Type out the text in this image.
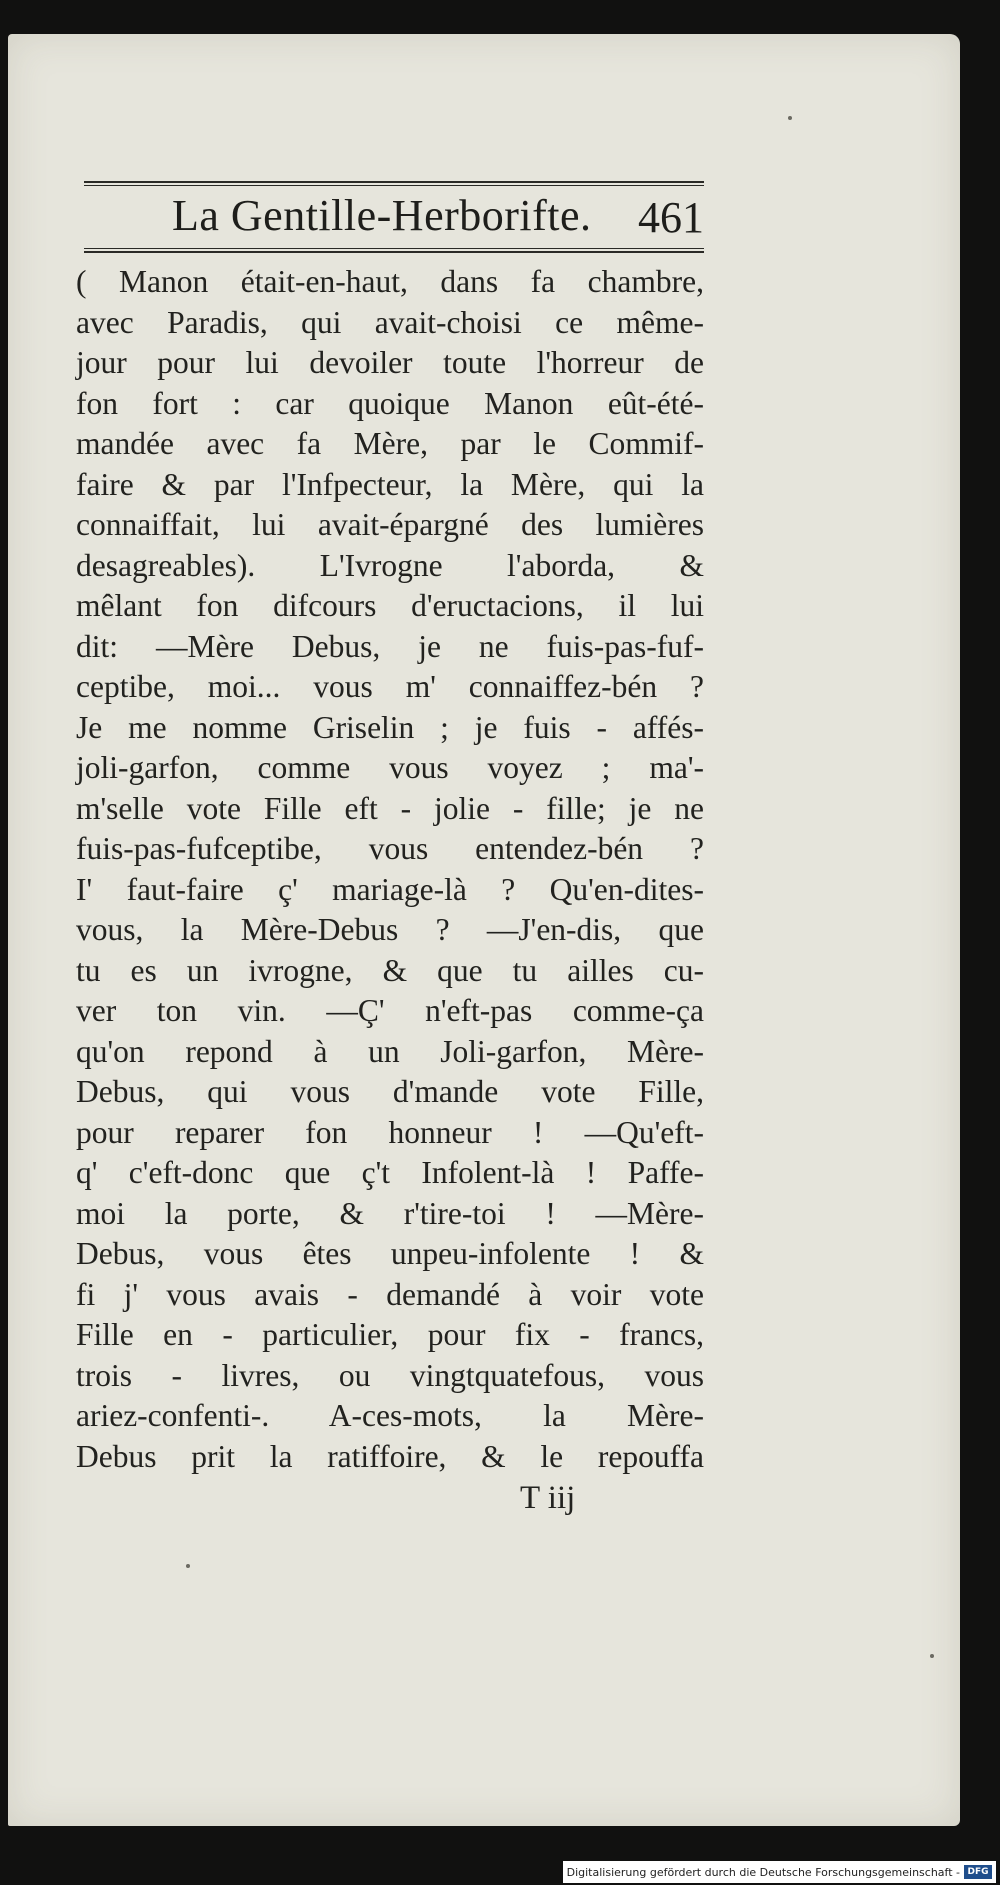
La Gentille-Herborifte. 461
( Manon était-en-haut, dans fa chambre,
avec Paradis, qui avait-choisi ce même-
jour pour lui devoiler toute l'horreur de
fon fort : car quoique Manon eût-été-
mandée avec fa Mère, par le Commif-
faire & par l'Infpecteur, la Mère, qui la
connaiffait, lui avait-épargné des lumières
desagreables). L'Ivrogne l'aborda, &
mêlant fon difcours d'eructacions, il lui
dit: —Mère Debus, je ne fuis-pas-fuf-
ceptibe, moi... vous m' connaiffez-bén ?
Je me nomme Griselin ; je fuis - affés-
joli-garfon, comme vous voyez ; ma'-
m'selle vote Fille eft - jolie - fille; je ne
fuis-pas-fufceptibe, vous entendez-bén ?
I' faut-faire ç' mariage-là ? Qu'en-dites-
vous, la Mère-Debus ? —J'en-dis, que
tu es un ivrogne, & que tu ailles cu-
ver ton vin. —Ç' n'eft-pas comme-ça
qu'on repond à un Joli-garfon, Mère-
Debus, qui vous d'mande vote Fille,
pour reparer fon honneur ! —Qu'eft-
q' c'eft-donc que ç't Infolent-là ! Paffe-
moi la porte, & r'tire-toi ! —Mère-
Debus, vous êtes unpeu-infolente ! &
fi j' vous avais - demandé à voir vote
Fille en - particulier, pour fix - francs,
trois - livres, ou vingtquatefous, vous
ariez-confenti-. A-ces-mots, la Mère-
Debus prit la ratiffoire, & le repouffa
T iij
Digitalisierung gefördert durch die Deutsche Forschungsgemeinschaft - DFG
